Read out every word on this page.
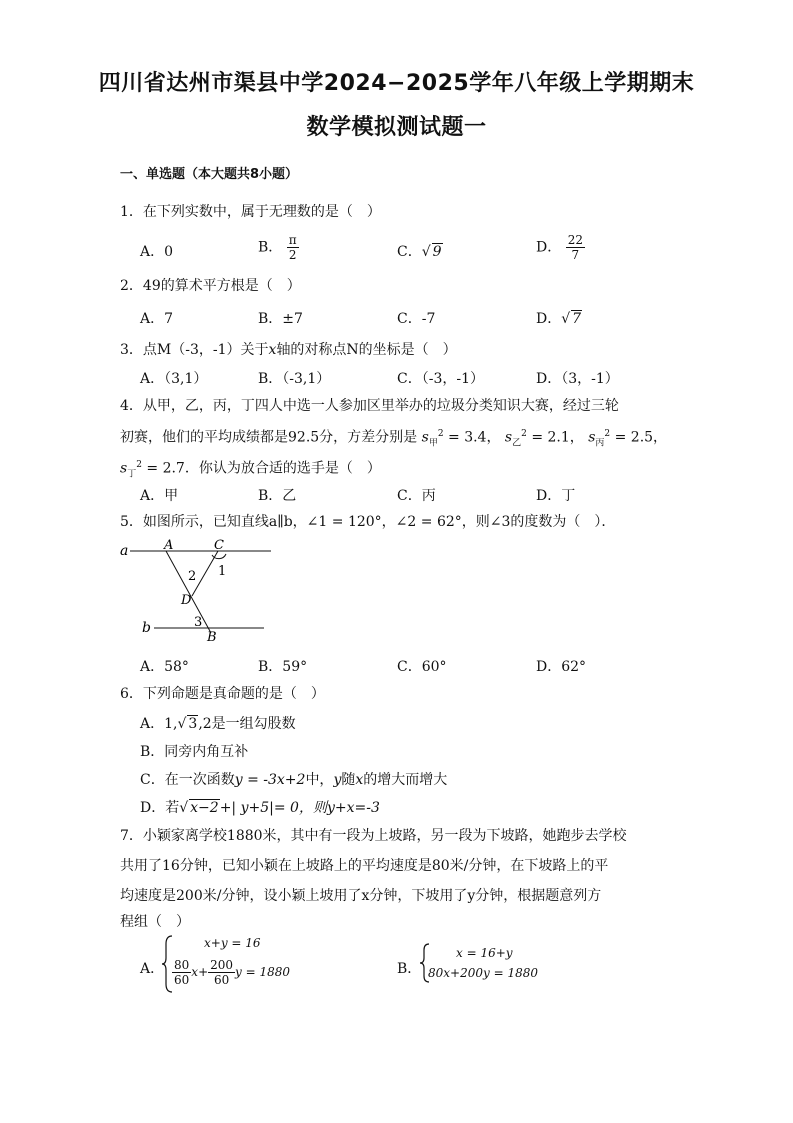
四川省达州市渠县中学2024−2025学年八年级上学期期末
数学模拟测试题一
一、单选题（本大题共8小题）
1．在下列实数中，属于无理数的是（　）
A．0	B． $\frac{\pi}{2}$	C．√ 9	D． $\frac{22}{7}$
2．49的算术平方根是（　）
A．7	B．±7	C．-7	D．√ 7
3．点M（-3，-1）关于x轴的对称点N的坐标是（　）
A．（3,1）	B．（-3,1）	C．（-3，-1）	D．（3，-1）
4．从甲，乙，丙，丁四人中选一人参加区里举办的垃圾分类知识大赛，经过三轮
初赛，他们的平均成绩都是92.5分，方差分别是 $s_甲^2 = 3.4$， $s_乙^2 = 2.1$， $s_丙^2 = 2.5$，
$s_丁^2 = 2.7$．你认为放合适的选手是（　）
A．甲	B．乙	C．丙	D．丁
5．如图所示，已知直线a∥b，∠1 = 120°，∠2 = 62°，则∠3的度数为（　）．
a
b
A	C
D
B
1
2
3
A．58°	B．59°	C．60°	D．62°
6．下列命题是真命题的是（　）
A．1,√ 3,2是一组勾股数
B．同旁内角互补
C．在一次函数y = -3x+2中，y随x的增大而增大
D．若√ x−2+| y+5|= 0，则y+x=-3
7．小颖家离学校1880米，其中有一段为上坡路，另一段为下坡路，她跑步去学校
共用了16分钟，已知小颖在上坡路上的平均速度是80米/分钟，在下坡路上的平
均速度是200米/分钟，设小颖上坡用了x分钟，下坡用了y分钟，根据题意列方
程组（　）
A．
x+y = 16
$\frac{80}{60} x+ \frac{200}{60}$ y = 1880	B．
x = 16+y
80x+200y = 1880
